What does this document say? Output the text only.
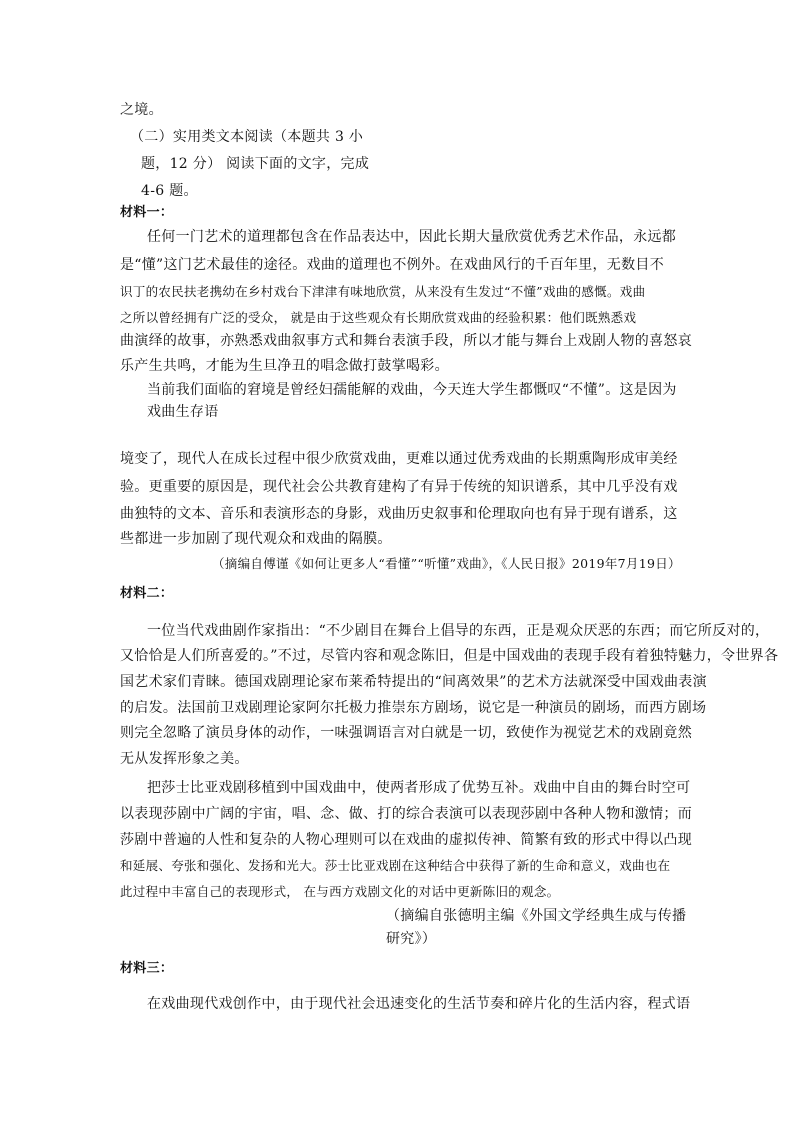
之境。
（二）实用类文本阅读（本题共 3 小
题，12 分） 阅读下面的文字，完成
4-6 题。
材料一：
任何一门艺术的道理都包含在作品表达中，因此长期大量欣赏优秀艺术作品，永远都
是“懂”这门艺术最佳的途径。戏曲的道理也不例外。在戏曲风行的千百年里，无数目不
识丁的农民扶老携幼在乡村戏台下津津有味地欣赏，从来没有生发过“不懂”戏曲的感慨。戏曲
之所以曾经拥有广泛的受众， 就是由于这些观众有长期欣赏戏曲的经验积累：他们既熟悉戏
曲演绎的故事，亦熟悉戏曲叙事方式和舞台表演手段，所以才能与舞台上戏剧人物的喜怒哀
乐产生共鸣，才能为生旦净丑的唱念做打鼓掌喝彩。
当前我们面临的窘境是曾经妇孺能解的戏曲，今天连大学生都慨叹“不懂”。这是因为
戏曲生存语
境变了，现代人在成长过程中很少欣赏戏曲，更难以通过优秀戏曲的长期熏陶形成审美经
验。更重要的原因是，现代社会公共教育建构了有异于传统的知识谱系，其中几乎没有戏
曲独特的文本、音乐和表演形态的身影，戏曲历史叙事和伦理取向也有异于现有谱系，这
些都进一步加剧了现代观众和戏曲的隔膜。
（摘编自傅谨《如何让更多人“看懂”“听懂”戏曲》，《人民日报》2019年7月19日）
材料二：
一位当代戏曲剧作家指出：“不少剧目在舞台上倡导的东西，正是观众厌恶的东西；而它所反对的，
又恰恰是人们所喜爱的。”不过，尽管内容和观念陈旧，但是中国戏曲的表现手段有着独特魅力，令世界各
国艺术家们青睐。德国戏剧理论家布莱希特提出的“间离效果”的艺术方法就深受中国戏曲表演
的启发。法国前卫戏剧理论家阿尔托极力推崇东方剧场，说它是一种演员的剧场，而西方剧场
则完全忽略了演员身体的动作，一味强调语言对白就是一切，致使作为视觉艺术的戏剧竟然
无从发挥形象之美。
把莎士比亚戏剧移植到中国戏曲中，使两者形成了优势互补。戏曲中自由的舞台时空可
以表现莎剧中广阔的宇宙，唱、念、做、打的综合表演可以表现莎剧中各种人物和激情；而
莎剧中普遍的人性和复杂的人物心理则可以在戏曲的虚拟传神、简繁有致的形式中得以凸现
和延展、夸张和强化、发扬和光大。莎士比亚戏剧在这种结合中获得了新的生命和意义，戏曲也在
此过程中丰富自己的表现形式， 在与西方戏剧文化的对话中更新陈旧的观念。
（摘编自张德明主编《外国文学经典生成与传播
研究》）
材料三：
在戏曲现代戏创作中，由于现代社会迅速变化的生活节奏和碎片化的生活内容，程式语
